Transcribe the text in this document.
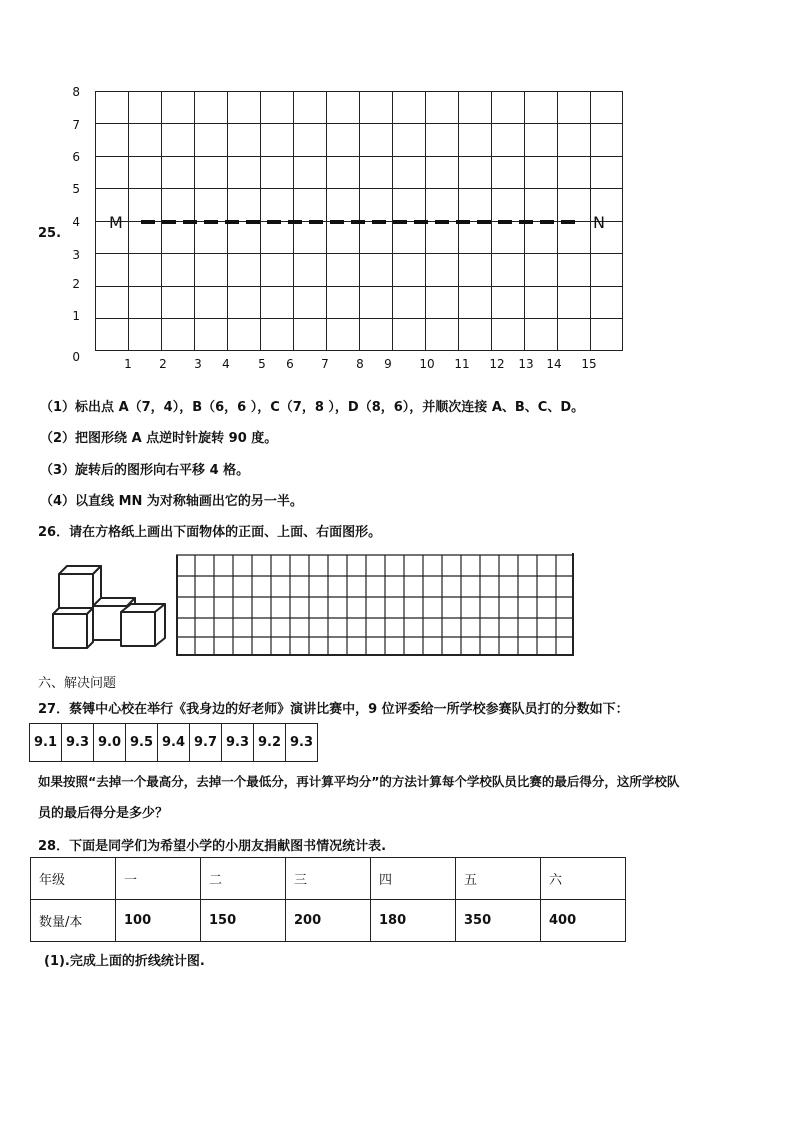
25.
0
1
2
3
4
5
6
7
8
1	2	3	4	5	6	7	8	9	10 11 12 13 14 15
M	N
（1）标出点 A（7，4），B（6，6 ），C（7，8 ），D（8，6），并顺次连接 A、B、C、D。
（2）把图形绕 A 点逆时针旋转 90 度。
（3）旋转后的图形向右平移 4 格。
（4）以直线 MN 为对称轴画出它的另一半。
26．请在方格纸上画出下面物体的正面、上面、右面图形。
六、解决问题
27．蔡镈中心校在举行《我身边的好老师》演讲比赛中，9 位评委给一所学校参赛队员打的分数如下：
9.1	9.3	9.0	9.5	9.4	9.7	9.3	9.2	9.3
如果按照“去掉一个最高分，去掉一个最低分，再计算平均分”的方法计算每个学校队员比赛的最后得分，这所学校队
员的最后得分是多少？
28．下面是同学们为希望小学的小朋友捐献图书情况统计表.
年级	一	二	三	四	五	六
数量/本	100	150	200	180	350	400
(1).完成上面的折线统计图.
